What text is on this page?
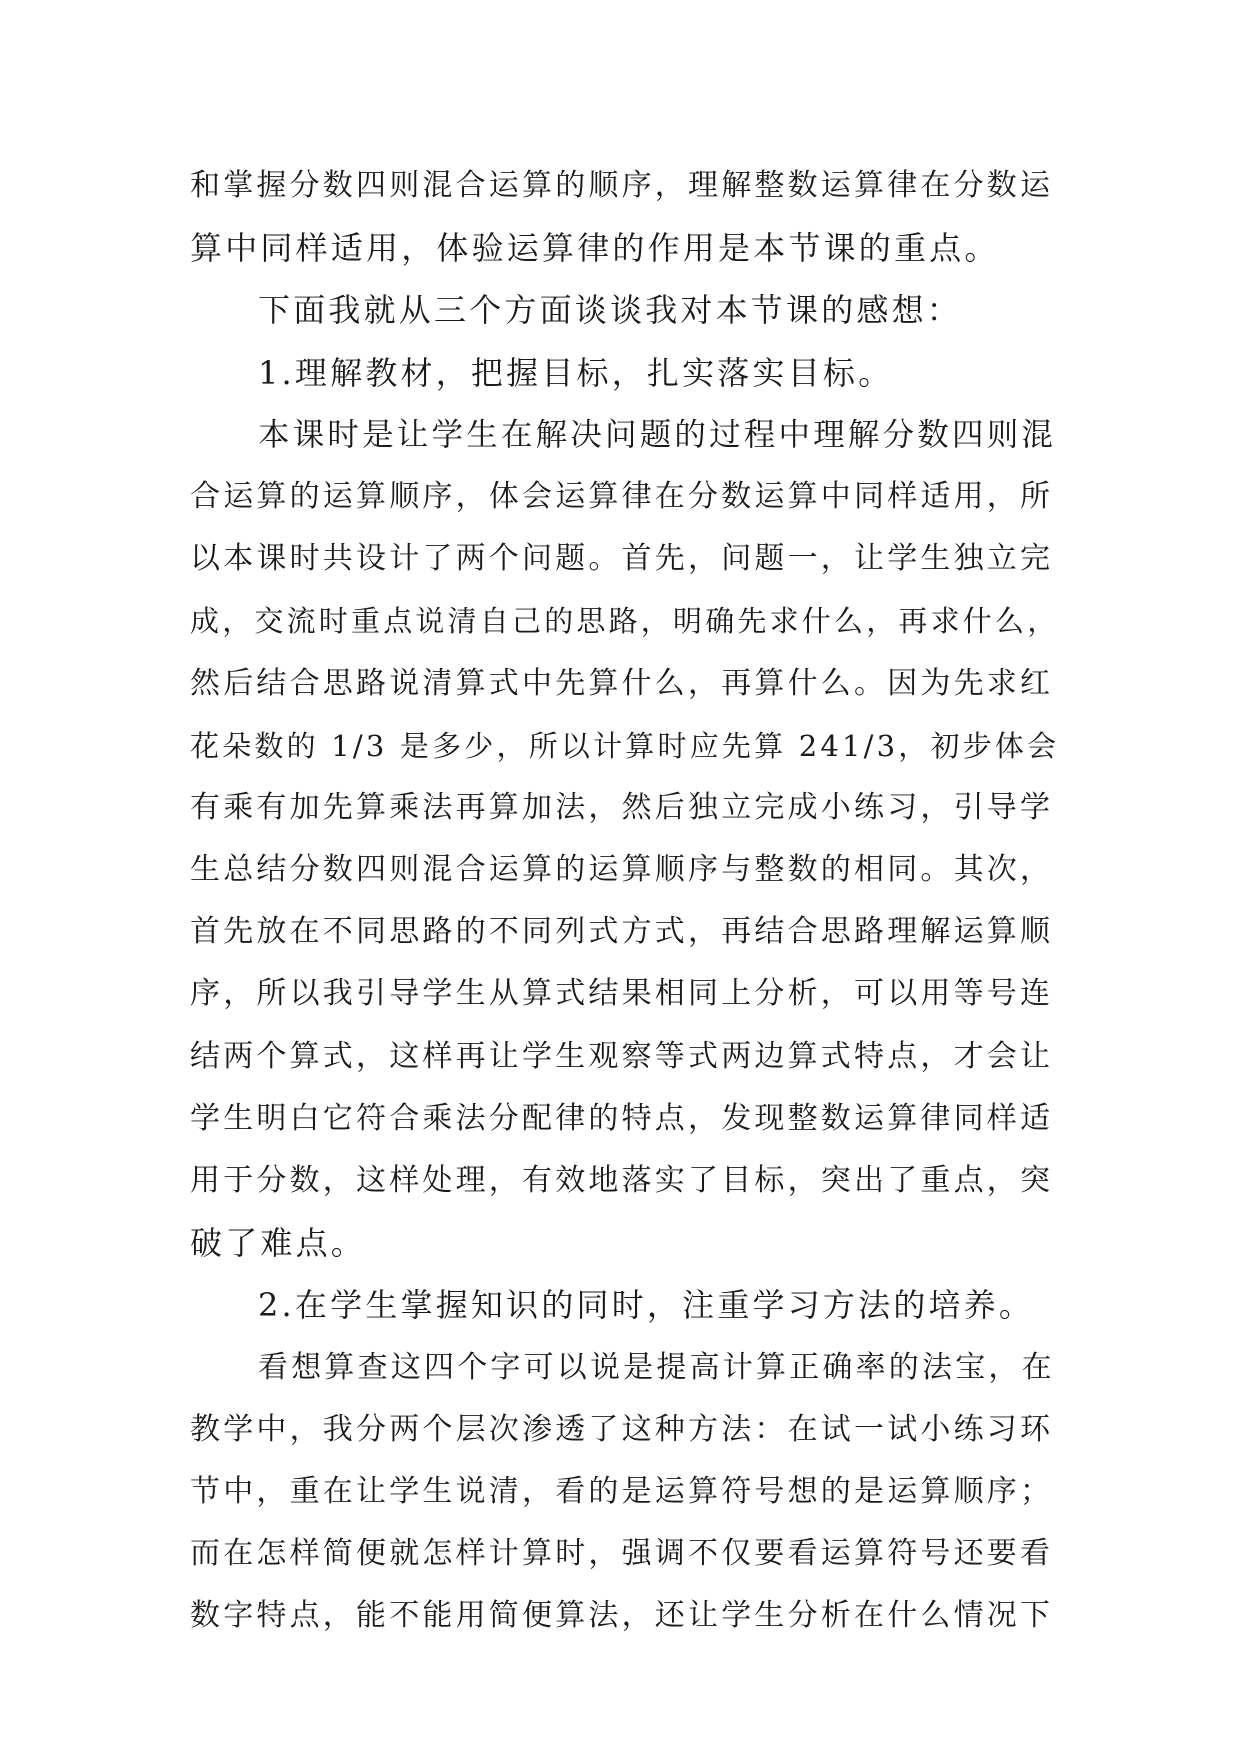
和掌握分数四则混合运算的顺序，理解整数运算律在分数运
算中同样适用，体验运算律的作用是本节课的重点。
下面我就从三个方面谈谈我对本节课的感想：
1.理解教材，把握目标，扎实落实目标。
本课时是让学生在解决问题的过程中理解分数四则混
合运算的运算顺序，体会运算律在分数运算中同样适用，所
以本课时共设计了两个问题。首先，问题一，让学生独立完
成，交流时重点说清自己的思路，明确先求什么，再求什么，
然后结合思路说清算式中先算什么，再算什么。因为先求红
花朵数的 1/3 是多少，所以计算时应先算 241/3，初步体会
有乘有加先算乘法再算加法，然后独立完成小练习，引导学
生总结分数四则混合运算的运算顺序与整数的相同。其次，
首先放在不同思路的不同列式方式，再结合思路理解运算顺
序，所以我引导学生从算式结果相同上分析，可以用等号连
结两个算式，这样再让学生观察等式两边算式特点，才会让
学生明白它符合乘法分配律的特点，发现整数运算律同样适
用于分数，这样处理，有效地落实了目标，突出了重点，突
破了难点。
2.在学生掌握知识的同时，注重学习方法的培养。
看想算查这四个字可以说是提高计算正确率的法宝，在
教学中，我分两个层次渗透了这种方法：在试一试小练习环
节中，重在让学生说清，看的是运算符号想的是运算顺序；
而在怎样简便就怎样计算时，强调不仅要看运算符号还要看
数字特点，能不能用简便算法，还让学生分析在什么情况下
